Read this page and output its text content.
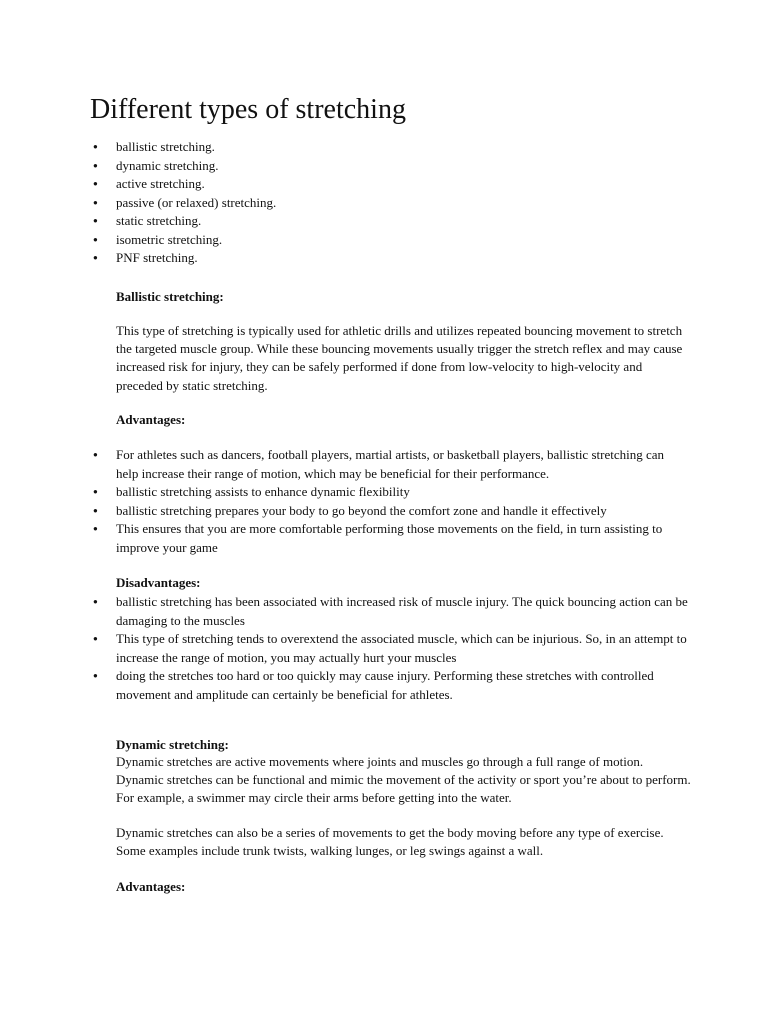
Different types of stretching
● ballistic stretching.
● dynamic stretching.
● active stretching.
● passive (or relaxed) stretching.
● static stretching.
● isometric stretching.
● PNF stretching.
Ballistic stretching:

This type of stretching is typically used for athletic drills and utilizes repeated bouncing movement to stretch the targeted muscle group. While these bouncing movements usually trigger the stretch reflex and may cause increased risk for injury, they can be safely performed if done from low-velocity to high-velocity and preceded by static stretching.

Advantages:
● For athletes such as dancers, football players, martial artists, or basketball players, ballistic stretching can help increase their range of motion, which may be beneficial for their performance.
● ballistic stretching assists to enhance dynamic flexibility
● ballistic stretching prepares your body to go beyond the comfort zone and handle it effectively
● This ensures that you are more comfortable performing those movements on the field, in turn assisting to improve your game
Disadvantages:
● ballistic stretching has been associated with increased risk of muscle injury. The quick bouncing action can be damaging to the muscles
● This type of stretching tends to overextend the associated muscle, which can be injurious. So, in an attempt to increase the range of motion, you may actually hurt your muscles
● doing the stretches too hard or too quickly may cause injury. Performing these stretches with controlled movement and amplitude can certainly be beneficial for athletes.
Dynamic stretching:

Dynamic stretches are active movements where joints and muscles go through a full range of motion. Dynamic stretches can be functional and mimic the movement of the activity or sport you’re about to perform. For example, a swimmer may circle their arms before getting into the water.

Dynamic stretches can also be a series of movements to get the body moving before any type of exercise. Some examples include trunk twists, walking lunges, or leg swings against a wall.

Advantages:
